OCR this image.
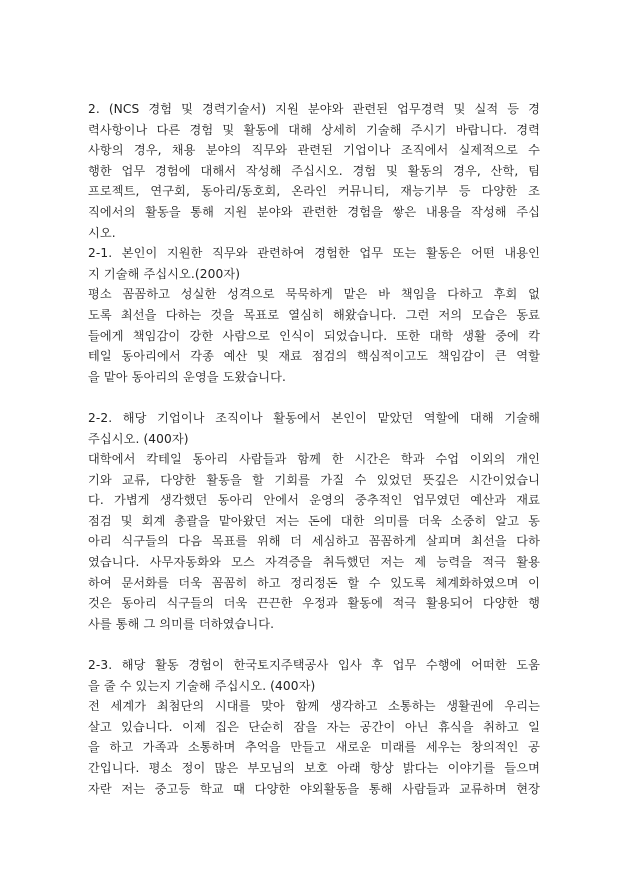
2. (NCS 경험 및 경력기술서) 지원 분야와 관련된 업무경력 및 실적 등 경
력사항이나 다른 경험 및 활동에 대해 상세히 기술해 주시기 바랍니다. 경력
사항의 경우, 채용 분야의 직무와 관련된 기업이나 조직에서 실제적으로 수
행한 업무 경험에 대해서 작성해 주십시오. 경험 및 활동의 경우, 산학, 팀
프로젝트, 연구회, 동아리/동호회, 온라인 커뮤니티, 재능기부 등 다양한 조
직에서의 활동을 통해 지원 분야와 관련한 경험을 쌓은 내용을 작성해 주십
시오.
2-1. 본인이 지원한 직무와 관련하여 경험한 업무 또는 활동은 어떤 내용인
지 기술해 주십시오.(200자)
평소 꼼꼼하고 성실한 성격으로 묵묵하게 맡은 바 책임을 다하고 후회 없
도록 최선을 다하는 것을 목표로 열심히 해왔습니다. 그런 저의 모습은 동료
들에게 책임감이 강한 사람으로 인식이 되었습니다. 또한 대학 생활 중에 칵
테일 동아리에서 각종 예산 및 재료 점검의 핵심적이고도 책임감이 큰 역할
을 맡아 동아리의 운영을 도왔습니다.
2-2. 해당 기업이나 조직이나 활동에서 본인이 맡았던 역할에 대해 기술해
주십시오. (400자)
대학에서 칵테일 동아리 사람들과 함께 한 시간은 학과 수업 이외의 개인
기와 교류, 다양한 활동을 할 기회를 가질 수 있었던 뜻깊은 시간이었습니
다. 가볍게 생각했던 동아리 안에서 운영의 중추적인 업무였던 예산과 재료
점검 및 회계 총괄을 맡아왔던 저는 돈에 대한 의미를 더욱 소중히 알고 동
아리 식구들의 다음 목표를 위해 더 세심하고 꼼꼼하게 살피며 최선을 다하
였습니다. 사무자동화와 모스 자격증을 취득했던 저는 제 능력을 적극 활용
하여 문서화를 더욱 꼼꼼히 하고 정리정돈 할 수 있도록 체계화하였으며 이
것은 동아리 식구들의 더욱 끈끈한 우정과 활동에 적극 활용되어 다양한 행
사를 통해 그 의미를 더하였습니다.
2-3. 해당 활동 경험이 한국토지주택공사 입사 후 업무 수행에 어떠한 도움
을 줄 수 있는지 기술해 주십시오. (400자)
전 세계가 최첨단의 시대를 맞아 함께 생각하고 소통하는 생활권에 우리는
살고 있습니다. 이제 집은 단순히 잠을 자는 공간이 아닌 휴식을 취하고 일
을 하고 가족과 소통하며 추억을 만들고 새로운 미래를 세우는 창의적인 공
간입니다. 평소 정이 많은 부모님의 보호 아래 항상 밝다는 이야기를 들으며
자란 저는 중고등 학교 때 다양한 야외활동을 통해 사람들과 교류하며 현장
